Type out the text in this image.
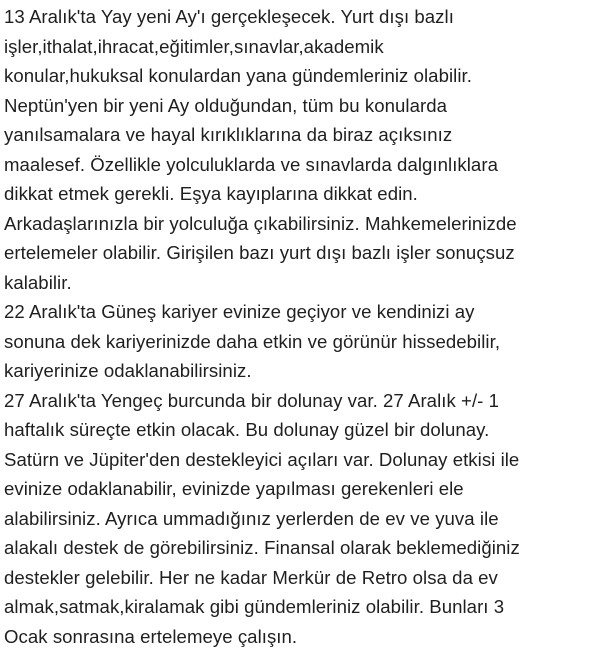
13 Aralık'ta Yay yeni Ay'ı gerçekleşecek. Yurt dışı bazlı
işler,ithalat,ihracat,eğitimler,sınavlar,akademik
konular,hukuksal konulardan yana gündemleriniz olabilir.
Neptün'yen bir yeni Ay olduğundan, tüm bu konularda
yanılsamalara ve hayal kırıklıklarına da biraz açıksınız
maalesef. Özellikle yolculuklarda ve sınavlarda dalgınlıklara
dikkat etmek gerekli. Eşya kayıplarına dikkat edin.
Arkadaşlarınızla bir yolculuğa çıkabilirsiniz. Mahkemelerinizde
ertelemeler olabilir. Girişilen bazı yurt dışı bazlı işler sonuçsuz
kalabilir.
22 Aralık'ta Güneş kariyer evinize geçiyor ve kendinizi ay
sonuna dek kariyerinizde daha etkin ve görünür hissedebilir,
kariyerinize odaklanabilirsiniz.
27 Aralık'ta Yengeç burcunda bir dolunay var. 27 Aralık +/- 1
haftalık süreçte etkin olacak. Bu dolunay güzel bir dolunay.
Satürn ve Jüpiter'den destekleyici açıları var. Dolunay etkisi ile
evinize odaklanabilir, evinizde yapılması gerekenleri ele
alabilirsiniz. Ayrıca ummadığınız yerlerden de ev ve yuva ile
alakalı destek de görebilirsiniz. Finansal olarak beklemediğiniz
destekler gelebilir. Her ne kadar Merkür de Retro olsa da ev
almak,satmak,kiralamak gibi gündemleriniz olabilir. Bunları 3
Ocak sonrasına ertelemeye çalışın.
